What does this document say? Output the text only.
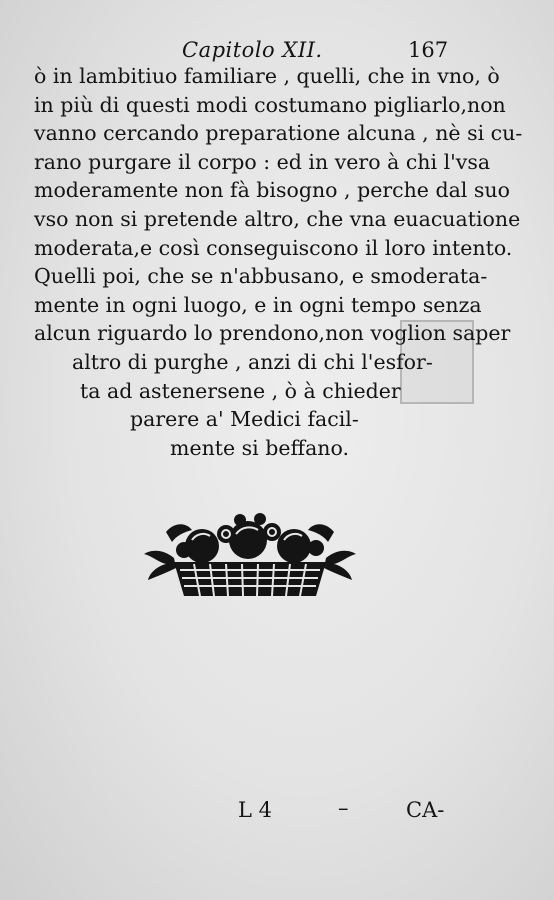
Capitolo XII.	167
ò in lambitiuo familiare , quelli, che in vno, ò
in più di questi modi costumano pigliarlo,non
vanno cercando preparatione alcuna , nè si cu-
rano purgare il corpo : ed in vero à chi l'vsa
moderamente non fà bisogno , perche dal suo
vso non si pretende altro, che vna euacuatione
moderata,e così conseguiscono il loro intento.
Quelli poi, che se n'abbusano, e smoderata-
mente in ogni luogo, e in ogni tempo senza
alcun riguardo lo prendono,non voglion saper
altro di purghe , anzi di chi l'esfor-
ta ad astenersene , ò à chieder
parere a' Medici facil-
mente si beffano.
L 4	–	CA-
